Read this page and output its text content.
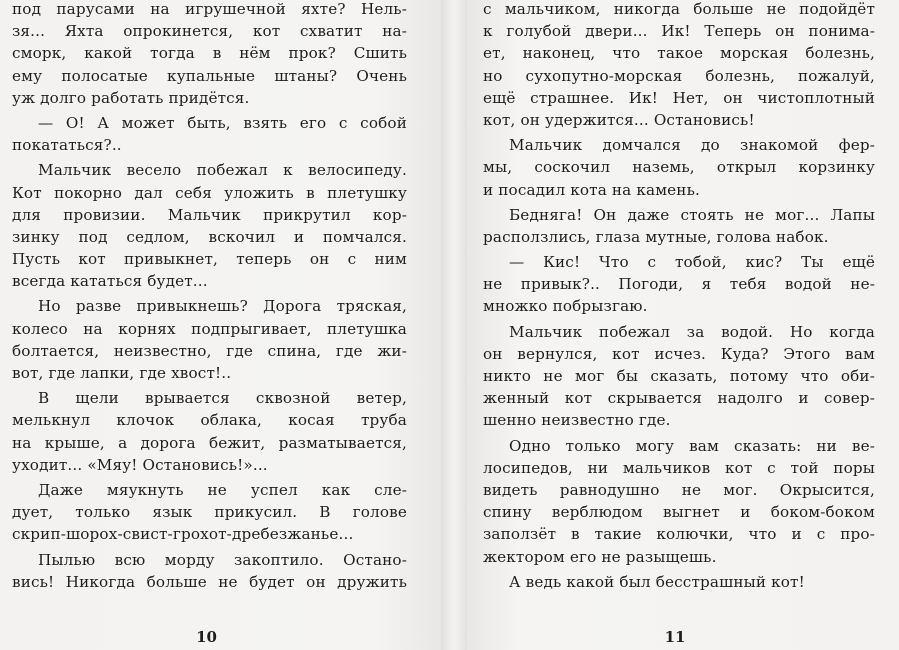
под парусами на игрушечной яхте? Нель-
зя... Яхта опрокинется, кот схватит на-
сморк, какой тогда в нём прок? Сшить
ему полосатые купальные штаны? Очень
уж долго работать придётся.
— О! А может быть, взять его с собой
покататься?..
Мальчик весело побежал к велосипеду.
Кот покорно дал себя уложить в плетушку
для провизии. Мальчик прикрутил кор-
зинку под седлом, вскочил и помчался.
Пусть кот привыкнет, теперь он с ним
всегда кататься будет...
Но разве привыкнешь? Дорога тряская,
колесо на корнях подпрыгивает, плетушка
болтается, неизвестно, где спина, где жи-
вот, где лапки, где хвост!..
В щели врывается сквозной ветер,
мелькнул клочок облака, косая труба
на крыше, а дорога бежит, разматывается,
уходит... «Мяу! Остановись!»...
Даже мяукнуть не успел как сле-
дует, только язык прикусил. В голове
скрип-шорох-свист-грохот-дребезжанье...
Пылью всю морду закоптило. Остано-
вись! Никогда больше не будет он дружить
10
с мальчиком, никогда больше не подойдёт
к голубой двери... Ик! Теперь он понима-
ет, наконец, что такое морская болезнь,
но сухопутно-морская болезнь, пожалуй,
ещё страшнее. Ик! Нет, он чистоплотный
кот, он удержится... Остановись!
Мальчик домчался до знакомой фер-
мы, соскочил наземь, открыл корзинку
и посадил кота на камень.
Бедняга! Он даже стоять не мог... Лапы
расползлись, глаза мутные, голова набок.
— Кис! Что с тобой, кис? Ты ещё
не привык?.. Погоди, я тебя водой не-
множко побрызгаю.
Мальчик побежал за водой. Но когда
он вернулся, кот исчез. Куда? Этого вам
никто не мог бы сказать, потому что оби-
женный кот скрывается надолго и совер-
шенно неизвестно где.
Одно только могу вам сказать: ни ве-
лосипедов, ни мальчиков кот с той поры
видеть равнодушно не мог. Окрысится,
спину верблюдом выгнет и боком-боком
заползёт в такие колючки, что и с про-
жектором его не разыщешь.
А ведь какой был бесстрашный кот!
11
